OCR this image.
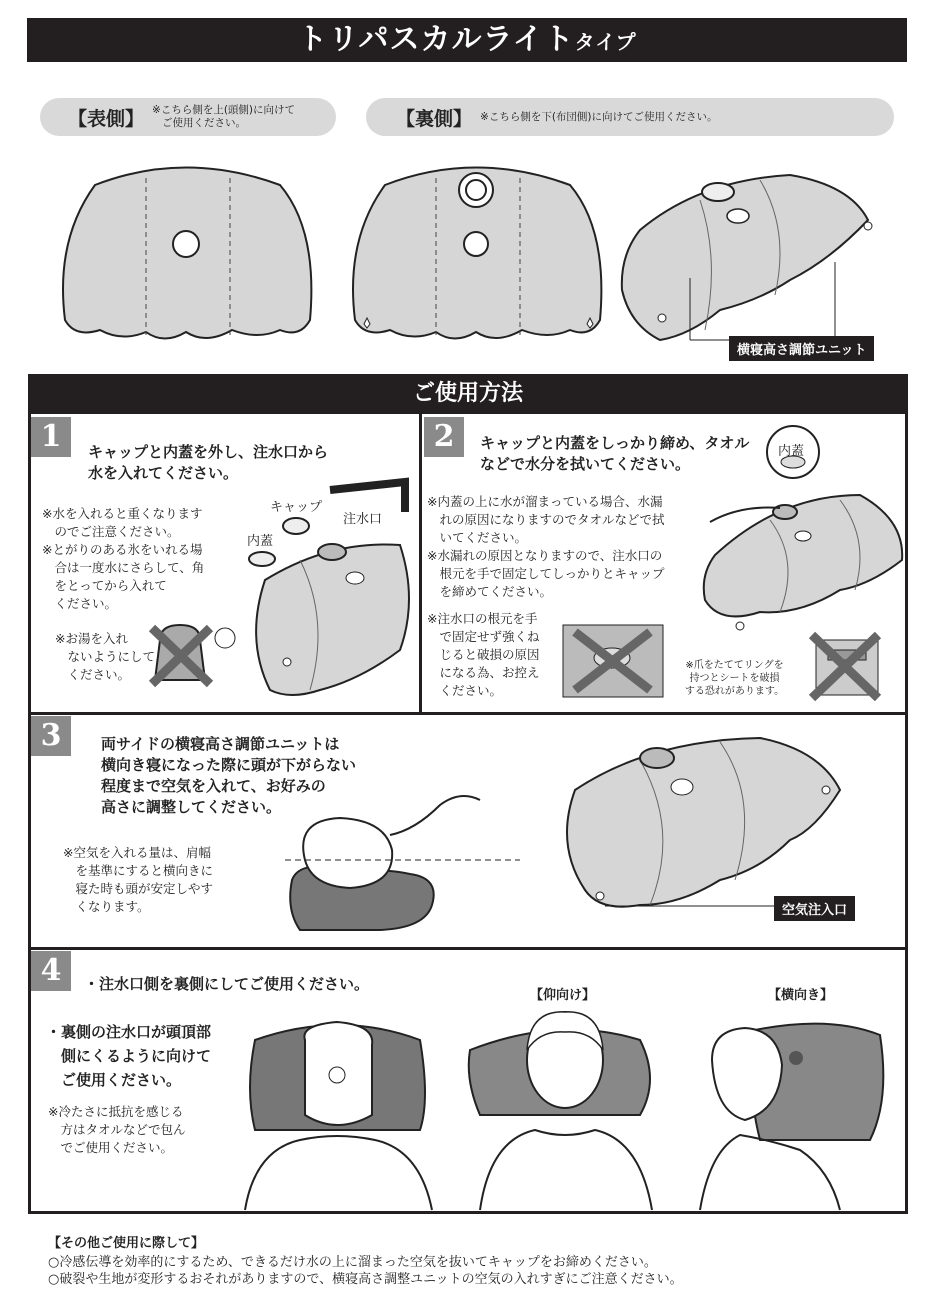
トリパスカルライトタイプ
【表側】 ※こちら側を上(頭側)に向けて
ご使用ください。	【裏側】 ※こちら側を下(布団側)に向けてご使用ください。
横寝高さ調節ユニット
ご使用方法
1	キャップと内蓋を外し、注水口から
水を入れてください。
※水を入れると重くなります
　のでご注意ください。
※とがりのある氷をいれる場
　合は一度水にさらして、角
　をとってから入れて
　ください。
※お湯を入れ
　ないようにして
　ください。
キャップ
内蓋
注水口
2	キャップと内蓋をしっかり締め、タオル
などで水分を拭いてください。
※内蓋の上に水が溜まっている場合、水漏
　れの原因になりますのでタオルなどで拭
　いてください。
※水漏れの原因となりますので、注水口の
　根元を手で固定してしっかりとキャップ
　を締めてください。
※注水口の根元を手
　で固定せず強くね
　じると破損の原因
　になる為、お控え
　ください。
※爪をたててリングを
持つとシートを破損
する恐れがあります。
内蓋
3	両サイドの横寝高さ調節ユニットは
横向き寝になった際に頭が下がらない
程度まで空気を入れて、お好みの
高さに調整してください。
※空気を入れる量は、肩幅
　を基準にすると横向きに
　寝た時も頭が安定しやす
　くなります。	空気注入口
4	・注水口側を裏側にしてご使用ください。
・裏側の注水口が頭頂部
　側にくるように向けて
　ご使用ください。
※冷たさに抵抗を感じる
　方はタオルなどで包ん
　でご使用ください。
【仰向け】	【横向き】
【その他ご使用に際して】
○冷感伝導を効率的にするため、できるだけ水の上に溜まった空気を抜いてキャップをお締めください。
○破裂や生地が変形するおそれがありますので、横寝高さ調整ユニットの空気の入れすぎにご注意ください。
